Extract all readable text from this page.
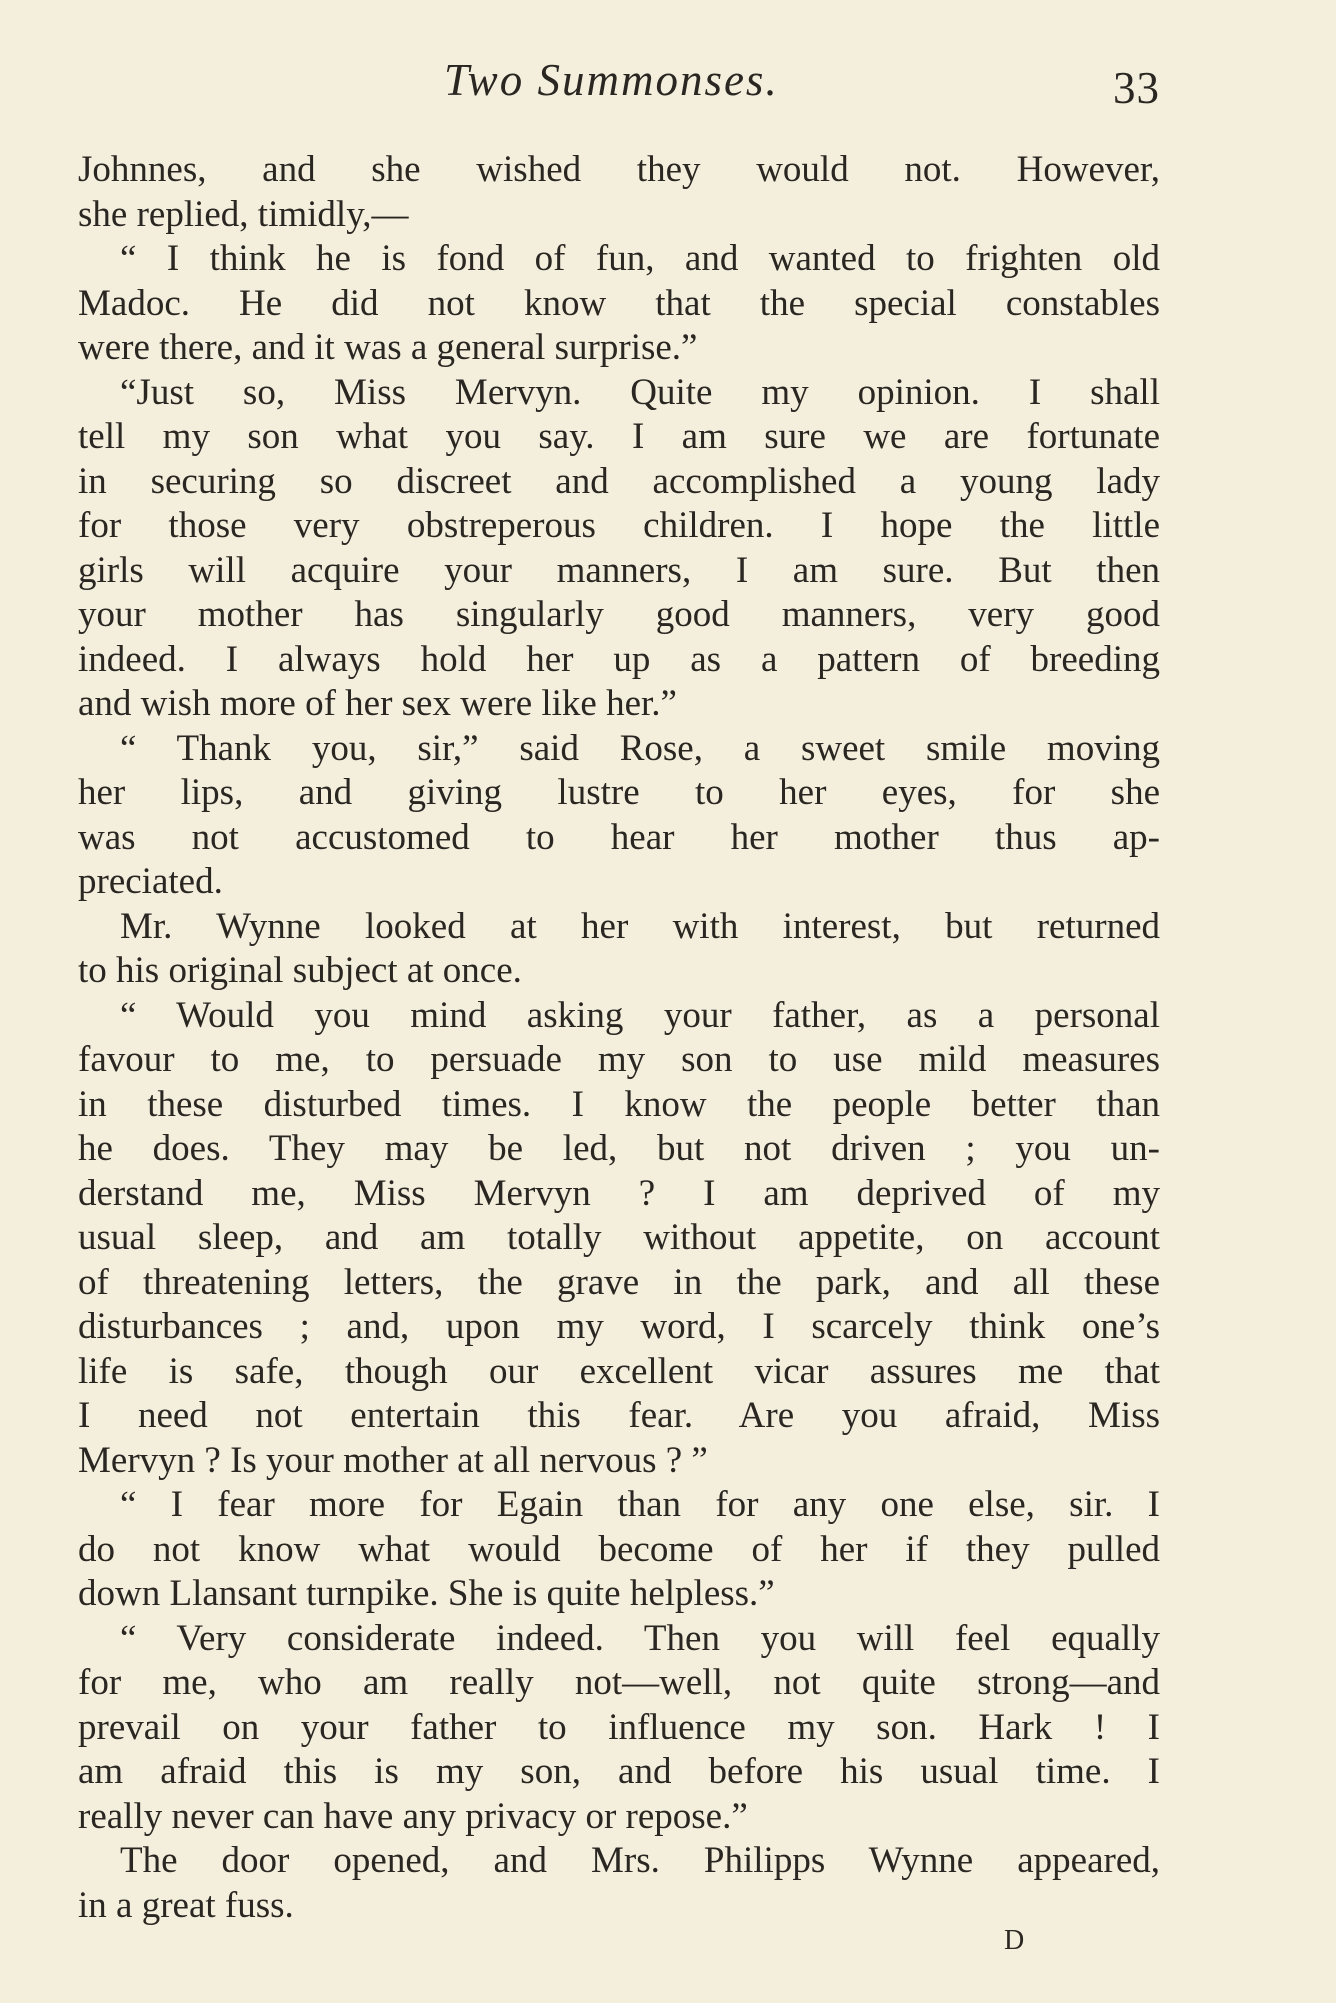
Two Summonses.	33
Johnnes, and she wished they would not. However,
she replied, timidly,—
“ I think he is fond of fun, and wanted to frighten old
Madoc. He did not know that the special constables
were there, and it was a general surprise.”
“Just so, Miss Mervyn. Quite my opinion. I shall
tell my son what you say. I am sure we are fortunate
in securing so discreet and accomplished a young lady
for those very obstreperous children. I hope the little
girls will acquire your manners, I am sure. But then
your mother has singularly good manners, very good
indeed. I always hold her up as a pattern of breeding
and wish more of her sex were like her.”
“ Thank you, sir,” said Rose, a sweet smile moving
her lips, and giving lustre to her eyes, for she
was not accustomed to hear her mother thus ap-
preciated.
Mr. Wynne looked at her with interest, but returned
to his original subject at once.
“ Would you mind asking your father, as a personal
favour to me, to persuade my son to use mild measures
in these disturbed times. I know the people better than
he does. They may be led, but not driven ; you un-
derstand me, Miss Mervyn ? I am deprived of my
usual sleep, and am totally without appetite, on account
of threatening letters, the grave in the park, and all these
disturbances ; and, upon my word, I scarcely think one’s
life is safe, though our excellent vicar assures me that
I need not entertain this fear. Are you afraid, Miss
Mervyn ? Is your mother at all nervous ? ”
“ I fear more for Egain than for any one else, sir. I
do not know what would become of her if they pulled
down Llansant turnpike. She is quite helpless.”
“ Very considerate indeed. Then you will feel equally
for me, who am really not—well, not quite strong—and
prevail on your father to influence my son. Hark ! I
am afraid this is my son, and before his usual time. I
really never can have any privacy or repose.”
The door opened, and Mrs. Philipps Wynne appeared,
in a great fuss.
D
